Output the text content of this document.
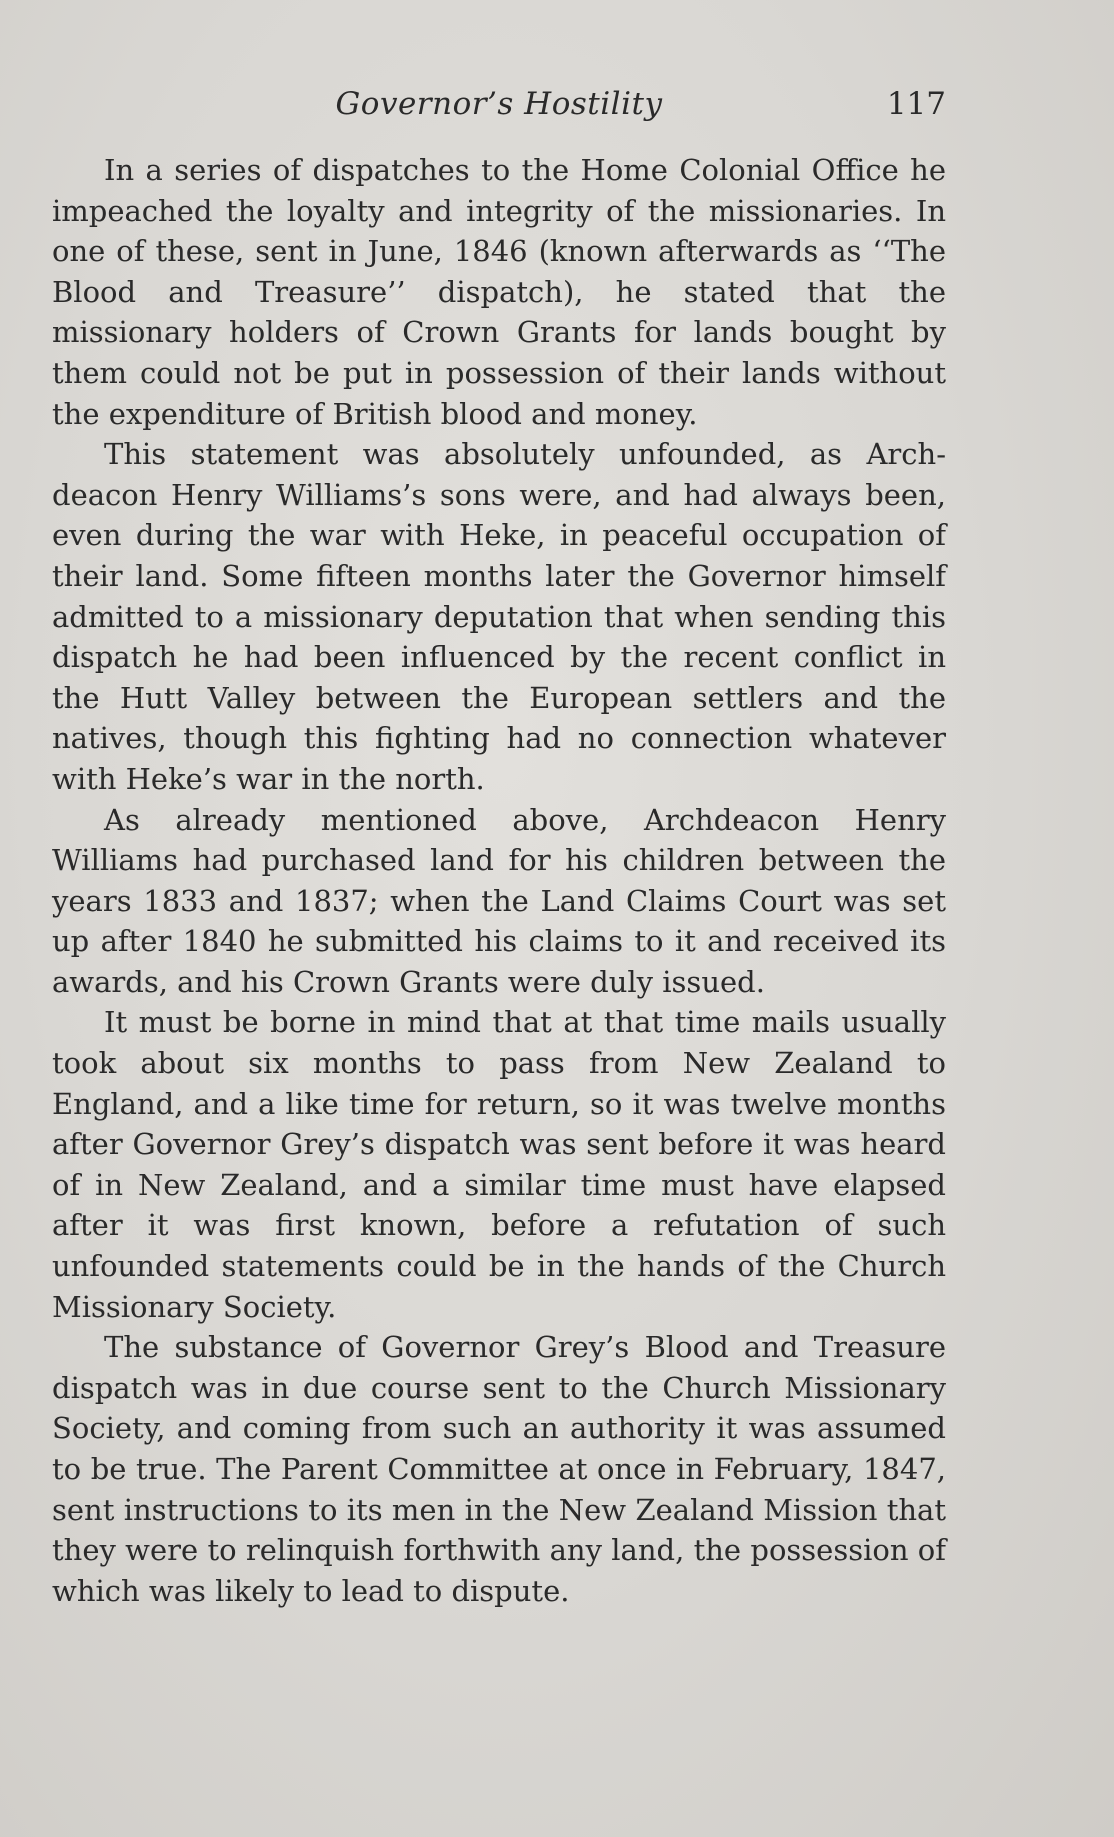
Governor’s Hostility	117

In a series of dispatches to the Home Colonial Office he impeached the loyalty and integrity of the missionaries. In one of these, sent in June, 1846 (known afterwards as ‘‘The Blood and Treasure’’ dispatch), he stated that the missionary holders of Crown Grants for lands bought by them could not be put in possession of their lands without the expenditure of British blood and money.

This statement was absolutely unfounded, as Archdeacon Henry Williams’s sons were, and had always been, even during the war with Heke, in peaceful occupation of their land. Some fifteen months later the Governor himself admitted to a missionary deputation that when sending this dispatch he had been influenced by the recent conflict in the Hutt Valley between the European settlers and the natives, though this fighting had no connection whatever with Heke’s war in the north.

As already mentioned above, Archdeacon Henry Williams had purchased land for his children between the years 1833 and 1837; when the Land Claims Court was set up after 1840 he submitted his claims to it and received its awards, and his Crown Grants were duly issued.

It must be borne in mind that at that time mails usually took about six months to pass from New Zealand to England, and a like time for return, so it was twelve months after Governor Grey’s dispatch was sent before it was heard of in New Zealand, and a similar time must have elapsed after it was first known, before a refutation of such unfounded statements could be in the hands of the Church Missionary Society.

The substance of Governor Grey’s Blood and Treasure dispatch was in due course sent to the Church Missionary Society, and coming from such an authority it was assumed to be true. The Parent Committee at once in February, 1847, sent instructions to its men in the New Zealand Mission that they were to relinquish forthwith any land, the possession of which was likely to lead to dispute.
